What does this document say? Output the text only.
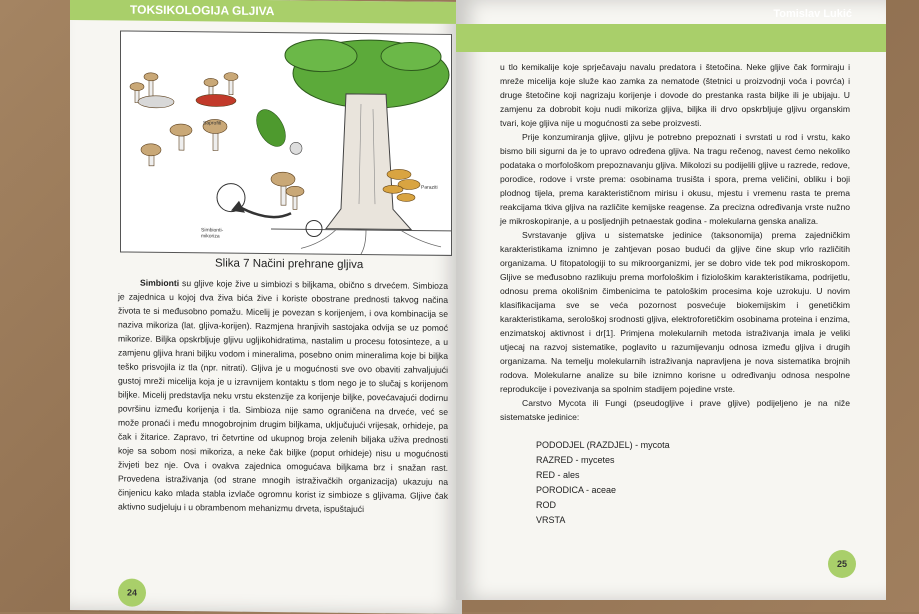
TOKSIKOLOGIJA GLJIVA
Saprofiti
Paraziti
Simbionti-mikoriza
Slika 7 Načini prehrane gljiva

Simbionti su gljive koje žive u simbiozi s biljkama, obično s drvećem. Simbioza je zajednica u kojoj dva živa bića žive i koriste obostrane prednosti takvog načina života te si međusobno pomažu. Micelij je povezan s korijenjem, i ova kombinacija se naziva mikoriza (lat. gljiva-korijen). Razmjena hranjivih sastojaka odvija se uz pomoć mikorize. Bilјka opskrbljuje gljivu ugljikohidratima, nastalim u procesu fotosinteze, a u zamjenu gljiva hrani biljku vodom i mineralima, posebno onim mineralima koje bi biljka teško prisvojila iz tla (npr. nitrati). Gljiva je u mogućnosti sve ovo obaviti zahvaljujući gustoj mreži micelija koja je u izravnijem kontaktu s tlom nego je to slučaj s korijenom biljke. Micelij predstavlja neku vrstu ekstenzije za korijenje biljke, povećavajući dodirnu površinu između korijenja i tla. Simbioza nije samo ograničena na drveće, već se može pronaći i među mnogobrojnim drugim biljkama, uključujući vrijesak, orhideje, pa čak i žitarice. Zapravo, tri četvrtine od ukupnog broja zelenih biljaka uživa prednosti koje sa sobom nosi mikoriza, a neke čak biljke (poput orhideje) nisu u mogućnosti živjeti bez nje. Ova i ovakva zajednica omogućava biljkama brz i snažan rast. Provedena istraživanja (od strane mnogih istraživačkih organizacija) ukazuju na činjenicu kako mlada stabla izvlače ogromnu korist iz simbioze s gljivama. Gljive čak aktivno sudjeluju i u obrambenom mehanizmu drveta, ispuštajući

24
Tomislav Lukić

u tlo kemikalije koje sprječavaju navalu predatora i štetočina. Neke gljive čak formiraju i mreže micelija koje služe kao zamka za nematode (štetnici u proizvodnji voća i povrća) i druge štetočine koji nagrizaju korijenje i dovode do prestanka rasta biljke ili je ubijaju. U zamjenu za dobrobit koju nudi mikoriza gljiva, biljka ili drvo opskrbljuje gljivu organskim tvari, koje gljiva nije u mogućnosti za sebe proizvesti.

Prije konzumiranja gljive, gljivu je potrebno prepoznati i svrstati u rod i vrstu, kako bismo bili sigurni da je to upravo određena gljiva. Na tragu rečenog, navest ćemo nekoliko podataka o morfološkom prepoznavanju gljiva. Mikolozi su podijelili gljive u razrede, redove, porodice, rodove i vrste prema: osobinama trusišta i spora, prema veličini, obliku i boji plodnog tijela, prema karakterističnom mirisu i okusu, mjestu i vremenu rasta te prema reakcijama tkiva gljiva na različite kemijske reagense. Za precizna određivanja vrste nužno je mikroskopiranje, a u posljednjih petnaestak godina - molekularna genska analiza.

Svrstavanje gljiva u sistematske jedinice (taksonomija) prema zajedničkim karakteristikama iznimno je zahtjevan posao budući da gljive čine skup vrlo različitih organizama. U fitopatologiji to su mikroorganizmi, jer se dobro vide tek pod mikroskopom. Gljive se međusobno razlikuju prema morfološkim i fiziološkim karakteristikama, podrijetlu, odnosu prema okolišnim čimbenicima te patološkim procesima koje uzrokuju. U novim klasifikacijama sve se veća pozornost posvećuje biokemijskim i genetičkim karakteristikama, serološkoj srodnosti gljiva, elektroforetičkim osobinama proteina i enzima, enzimatskoj aktivnost i dr[1]. Primjena molekularnih metoda istraživanja imala je veliki utjecaj na razvoj sistematike, poglavito u razumijevanju odnosa između gljiva i drugih organizama. Na temelju molekularnih istraživanja napravljena je nova sistematika brojnih rodova. Molekularne analize su bile iznimno korisne u određivanju odnosa nespolne reprodukcije i povezivanja sa spolnim stadijem pojedine vrste.

Carstvo Mycota ili Fungi (pseudogljive i prave gljive) podijeljeno je na niže sistematske jedinice:

PODODJEL (RAZDJEL) - mycota
RAZRED - mycetes
RED - ales
PORODICA - aceae
ROD
VRSTA
25
